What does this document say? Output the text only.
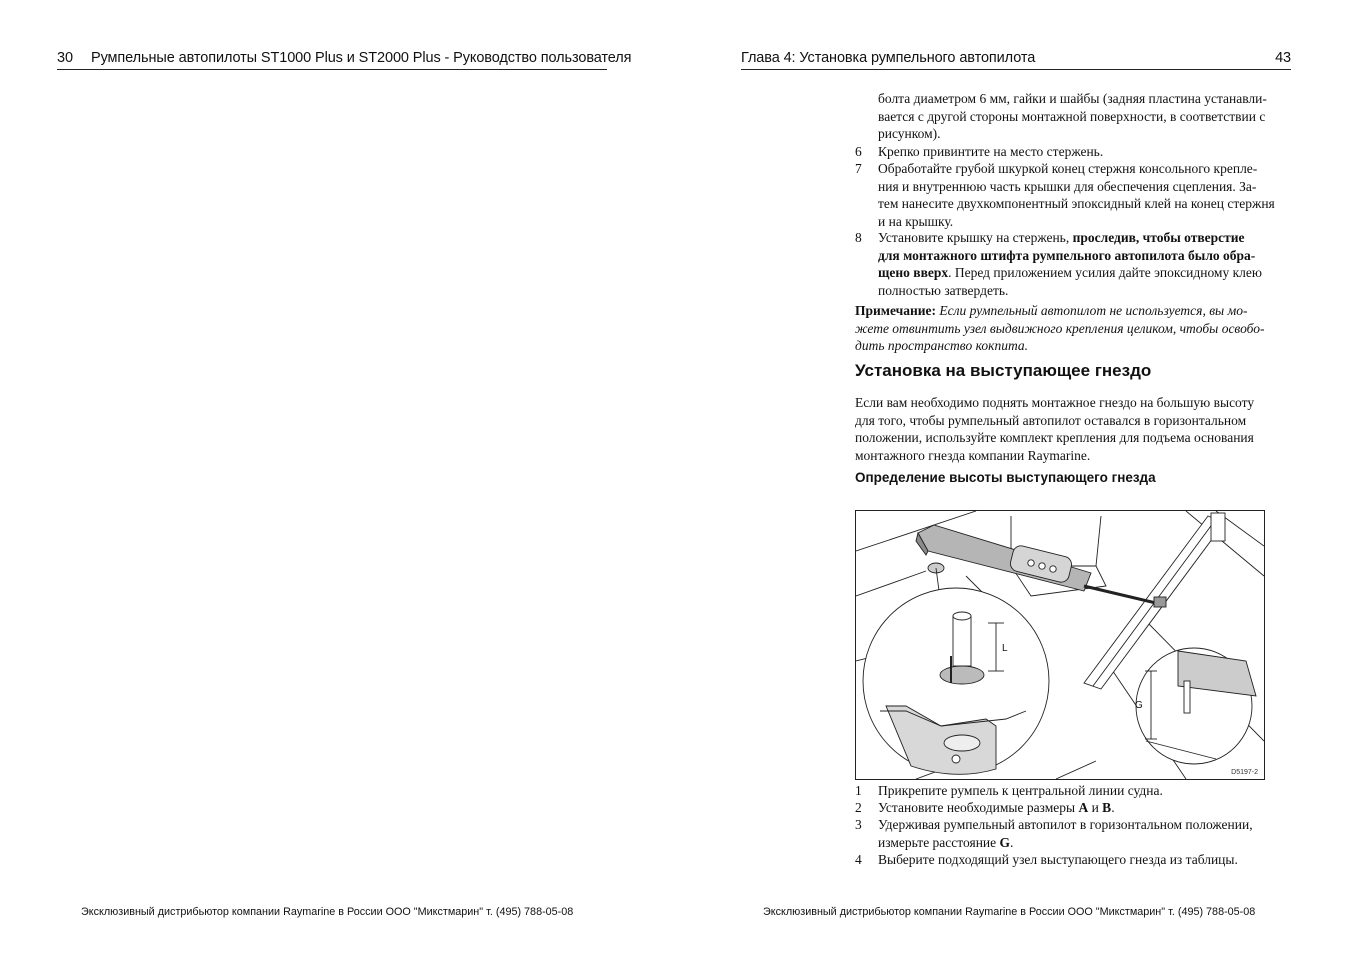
30 Румпельные автопилоты ST1000 Plus и ST2000 Plus - Руководство пользователя
Эксклюзивный дистрибьютор компании Raymarine в России ООО "Микстмарин" т. (495) 788-05-08
Глава 4: Установка румпельного автопилота	43
болта диаметром 6 мм, гайки и шайбы (задняя пластина устанавли-
вается с другой стороны монтажной поверхности, в соответствии с
рисунком).
6 Крепко привинтите на место стержень.
7 Обработайте грубой шкуркой конец стержня консольного крепле-
ния и внутреннюю часть крышки для обеспечения сцепления. За-
тем нанесите двухкомпонентный эпоксидный клей на конец стержня
и на крышку.
8 Установите крышку на стержень, проследив, чтобы отверстие
для монтажного штифта румпельного автопилота было обра-
щено вверх. Перед приложением усилия дайте эпоксидному клею
полностью затвердеть.
Примечание: Если румпельный автопилот не используется, вы мо-
жете отвинтить узел выдвижного крепления целиком, чтобы освобо-
дить пространство кокпита.
Установка на выступающее гнездо
Если вам необходимо поднять монтажное гнездо на большую высоту
для того, чтобы румпельный автопилот оставался в горизонтальном
положении, используйте комплект крепления для подъема основания
монтажного гнезда компании Raymarine.
Определение высоты выступающего гнезда
L
G
D5197-2
1 Прикрепите румпель к центральной линии судна.
2 Установите необходимые размеры A и B.
3 Удерживая румпельный автопилот в горизонтальном положении,
измерьте расстояние G.
4 Выберите подходящий узел выступающего гнезда из таблицы.
Эксклюзивный дистрибьютор компании Raymarine в России ООО "Микстмарин" т. (495) 788-05-08
